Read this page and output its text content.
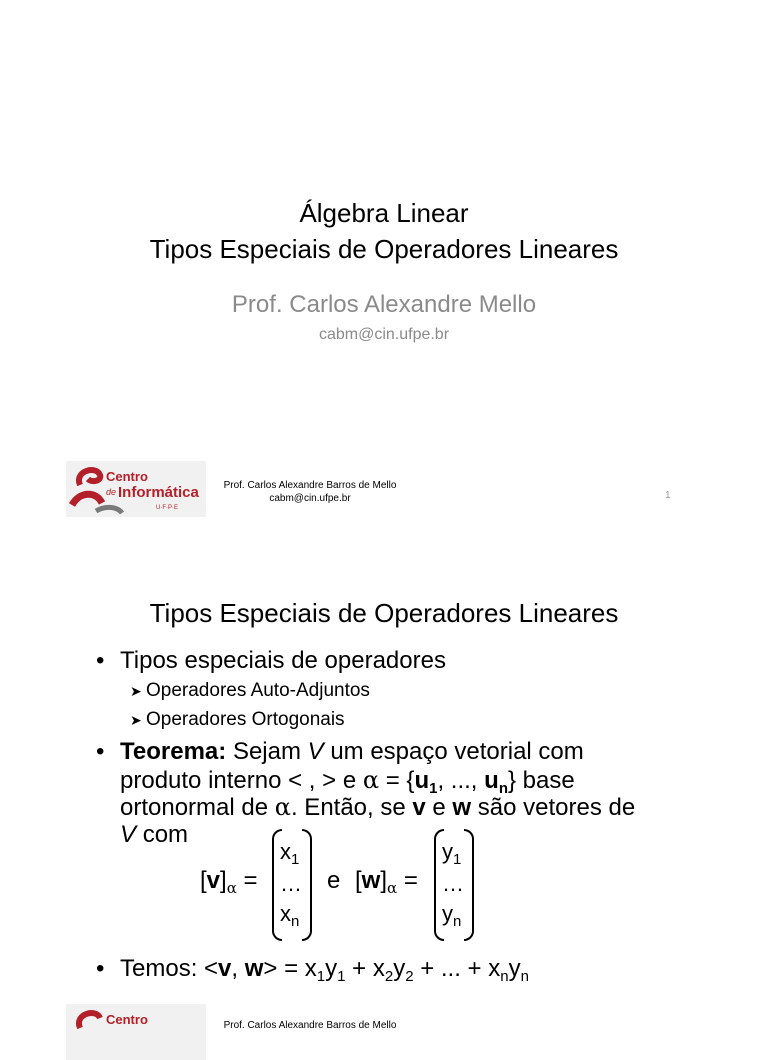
Álgebra Linear
Tipos Especiais de Operadores Lineares
Prof. Carlos Alexandre Mello
cabm@cin.ufpe.br
Centro
de Informática
U·F·P·E
Prof. Carlos Alexandre Barros de Mello
cabm@cin.ufpe.br	1
Tipos Especiais de Operadores Lineares
• Tipos especiais de operadores
➤ Operadores Auto-Adjuntos
➤ Operadores Ortogonais
• Teorema: Sejam V um espaço vetorial com
produto interno < , > e $\alpha = \{u_1$, ..., $u_n$} base
ortonormal de α. Então, se v e w são vetores de
V com
$[v]_\alpha$ =
$x_1$
…
$x_n$
e $[w]_\alpha$ =
$y_1$
…
$y_n$
• Temos: <v, $w> = x_1y_1 + x_2y_2$ + ... + $x_ny_n$
Centro	Prof. Carlos Alexandre Barros de Mello
